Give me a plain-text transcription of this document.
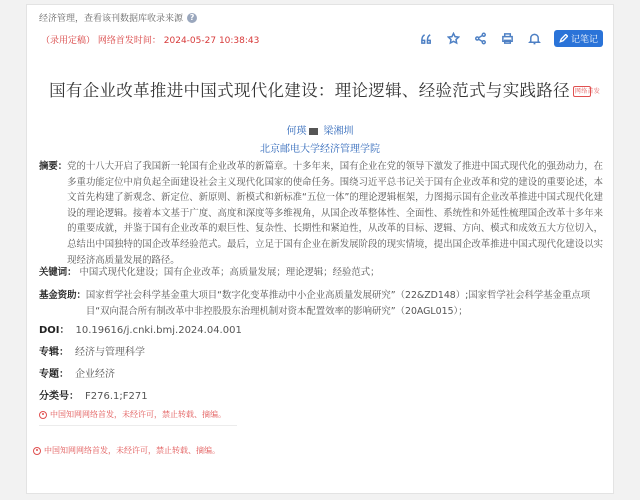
经济管理，查看该刊数据库收录来源 ?
（录用定稿） 网络首发时间： 2024-05-27 10:38:43	记笔记
国有企业改革推进中国式现代化建设：理论逻辑、经验范式与实践路径 网络首发
何瑛 梁湘圳
北京邮电大学经济管理学院
摘要： 党的十八大开启了我国新一轮国有企业改革的新篇章。十多年来，国有企业在党的领导下激发了推进中国式现代化的强劲动力，在多重功能定位中肩负起全面建设社会主义现代化国家的使命任务。围绕习近平总书记关于国有企业改革和党的建设的重要论述，本文首先构建了新观念、新定位、新原则、新模式和新标准“五位一体”的理论逻辑框架，力图揭示国有企业改革推进中国式现代化建设的理论逻辑。接着本文基于广度、高度和深度等多维视角，从国企改革整体性、全面性、系统性和外延性梳理国企改革十多年来的重要成就，并鉴于国有企业改革的艰巨性、复杂性、长期性和紧迫性，从改革的目标、逻辑、方向、模式和成效五大方位切入，总结出中国独特的国企改革经验范式。最后，立足于国有企业在新发展阶段的现实情境，提出国企改革推进中国式现代化建设以实现经济高质量发展的路径。
关键词： 中国式现代化建设；国有企业改革；高质量发展；理论逻辑；经验范式；
基金资助： 国家哲学社会科学基金重大项目“数字化变革推动中小企业高质量发展研究”（22&ZD148）;国家哲学社会科学基金重点项目“双向混合所有制改革中非控股股东治理机制对资本配置效率的影响研究”（20AGL015）；
DOI： 10.19616/j.cnki.bmj.2024.04.001
专辑： 经济与管理科学
专题： 企业经济
分类号： F276.1;F271
中国知网网络首发，未经许可，禁止转载、摘编。
中国知网网络首发，未经许可，禁止转载、摘编。
